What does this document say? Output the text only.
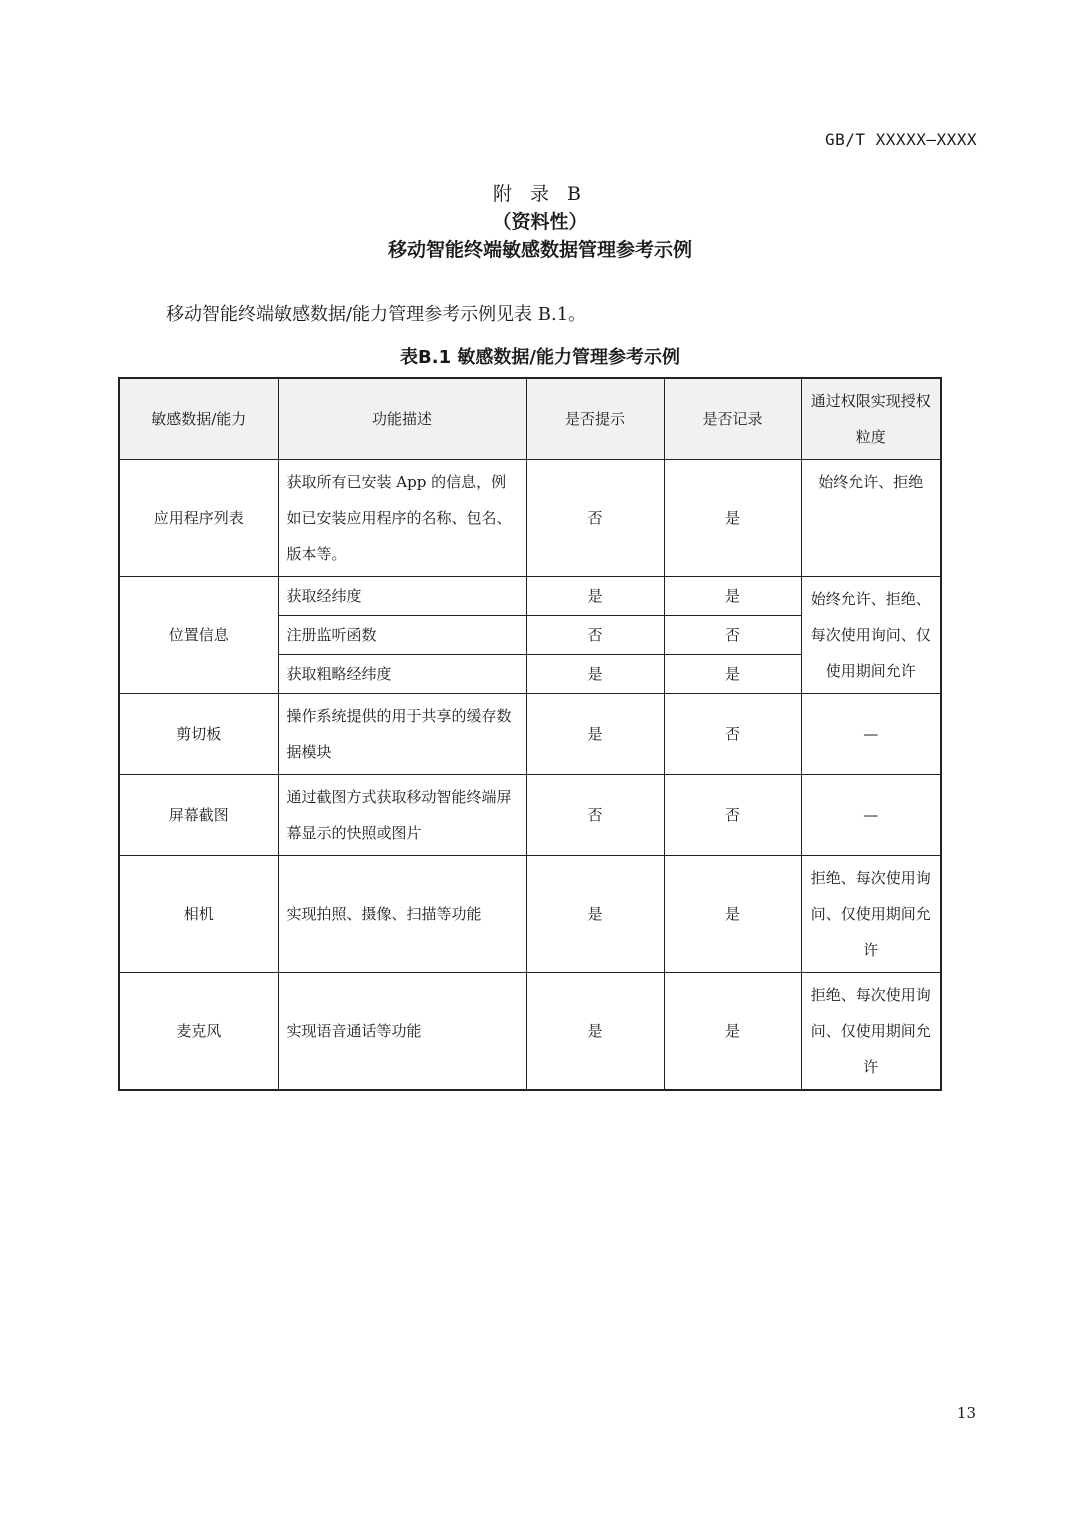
GB/T XXXXX—XXXX
附 录 B
（资料性）
移动智能终端敏感数据管理参考示例
移动智能终端敏感数据/能力管理参考示例见表 B.1。
表B.1 敏感数据/能力管理参考示例
敏感数据/能力	功能描述	是否提示	是否记录	通过权限实现授权粒度
应用程序列表	获取所有已安装 App 的信息，例如已安装应用程序的名称、包名、版本等。	否	是	始终允许、拒绝
位置信息	获取经纬度	是	是	始终允许、拒绝、每次使用询问、仅使用期间允许
	注册监听函数	否	否	
	获取粗略经纬度	是	是	
剪切板	操作系统提供的用于共享的缓存数据模块	是	否	—
屏幕截图	通过截图方式获取移动智能终端屏幕显示的快照或图片	否	否	—
相机	实现拍照、摄像、扫描等功能	是	是	拒绝、每次使用询问、仅使用期间允许
麦克风	实现语音通话等功能	是	是	拒绝、每次使用询问、仅使用期间允许
13
